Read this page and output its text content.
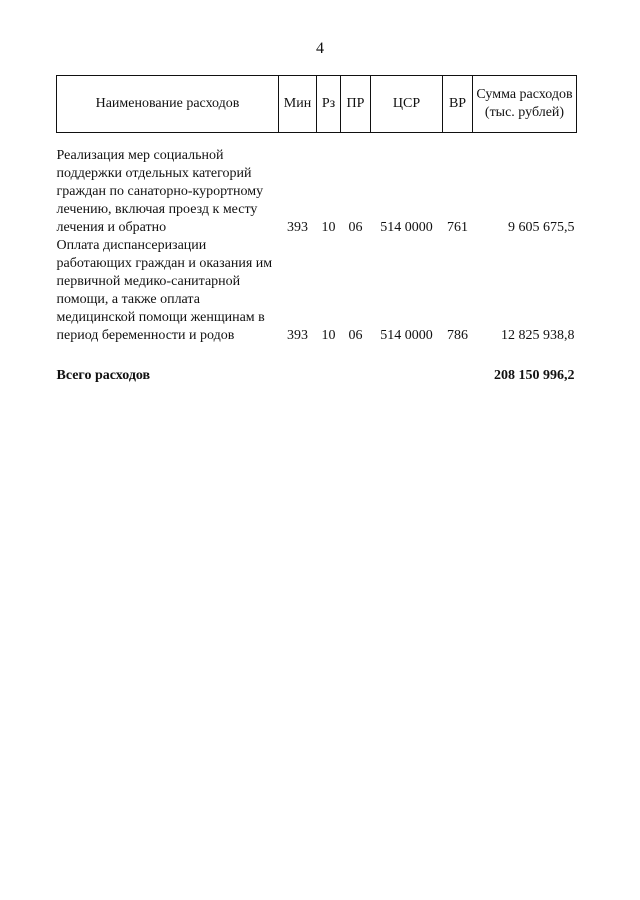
4
Наименование расходов	Мин	Рз	ПР	ЦСР	ВР	Сумма расходов (тыс. рублей)

Реализация мер социальной поддержки отдельных категорий граждан по санаторно-курортному лечению, включая проезд к месту лечения и обратно	393	10	06	514 0000	761	9 605 675,5
Оплата диспансеризации работающих граждан и оказания им первичной медико-санитарной помощи, а также оплата медицинской помощи женщинам в период беременности и родов	393	10	06	514 0000	786	12 825 938,8
Всего расходов						208 150 996,2
